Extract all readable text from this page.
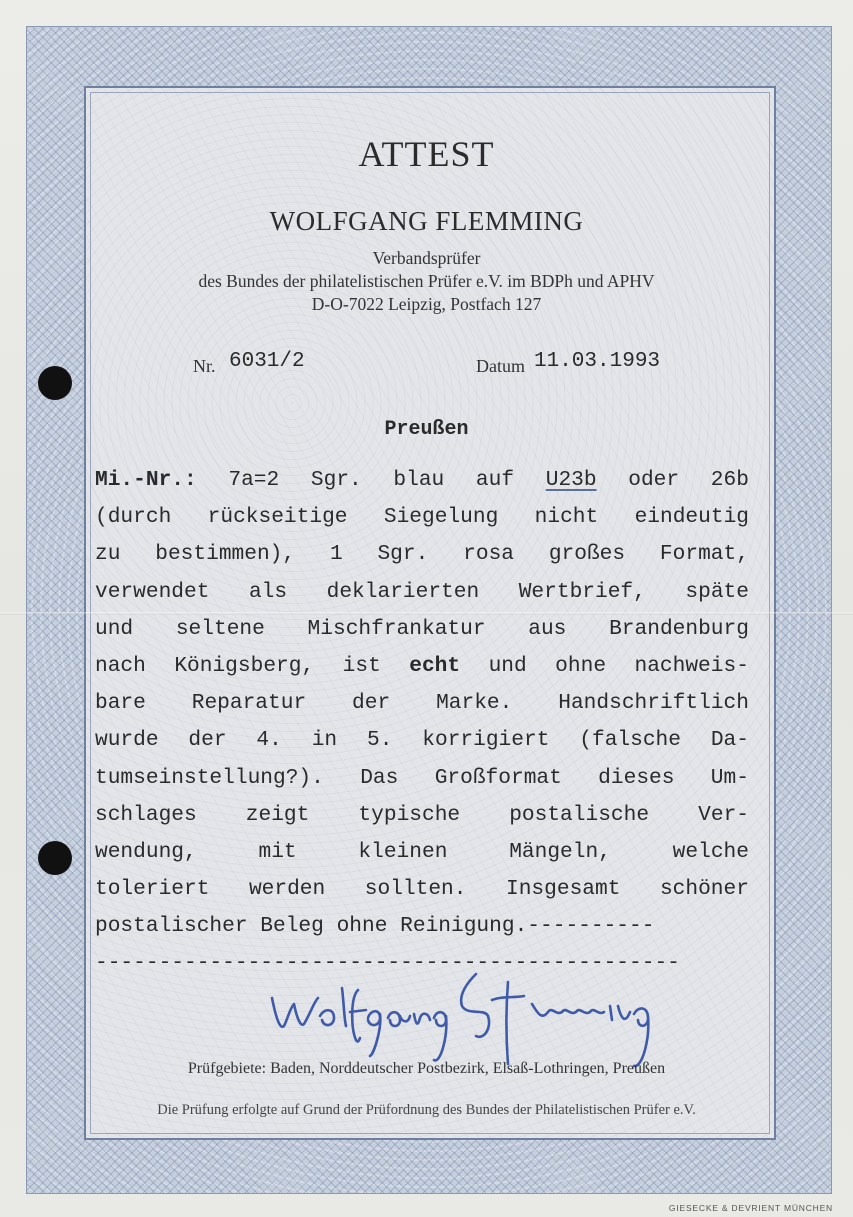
ATTEST
WOLFGANG FLEMMING
Verbandsprüfer
des Bundes der philatelistischen Prüfer e.V. im BDPh und APHV
D-O-7022 Leipzig, Postfach 127
Nr. 6031/2	Datum 11.03.1993
Preußen
Mi.-Nr.: 7a=2 Sgr. blau auf U23b oder 26b
(durch rückseitige Siegelung nicht eindeutig
zu bestimmen), 1 Sgr. rosa großes Format,
verwendet als deklarierten Wertbrief, späte
und seltene Mischfrankatur aus Brandenburg
nach Königsberg, ist echt und ohne nachweis-
bare Reparatur der Marke. Handschriftlich
wurde der 4. in 5. korrigiert (falsche Da-
tumseinstellung?). Das Großformat dieses Um-
schlages zeigt typische postalische Ver-
wendung,	mit	kleinen	Mängeln,	welche
toleriert werden sollten. Insgesamt schöner
postalischer Beleg ohne Reinigung.----------
----------------------------------------------
Prüfgebiete: Baden, Norddeutscher Postbezirk, Elsaß-Lothringen, Preußen
Die Prüfung erfolgte auf Grund der Prüfordnung des Bundes der Philatelistischen Prüfer e.V.
GIESECKE & DEVRIENT MÜNCHEN
